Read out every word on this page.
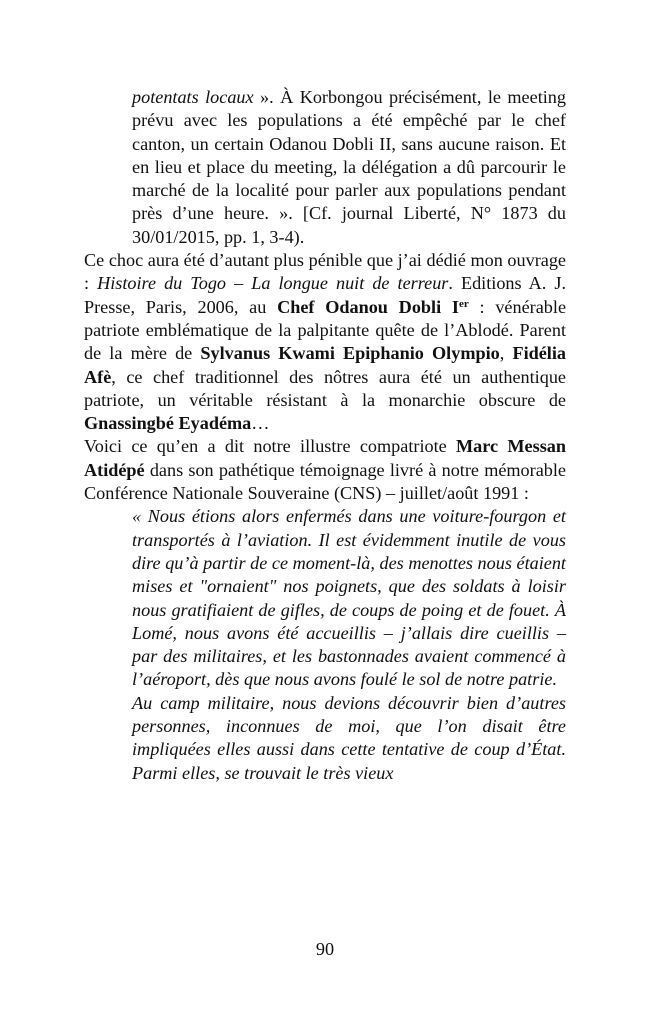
potentats locaux ». À Korbongou précisément, le meeting prévu avec les populations a été empêché par le chef canton, un certain Odanou Dobli II, sans aucune raison. Et en lieu et place du meeting, la délégation a dû parcourir le marché de la localité pour parler aux populations pendant près d’une heure. ». [Cf. journal Liberté, N° 1873 du 30/01/2015, pp. 1, 3-4).

Ce choc aura été d’autant plus pénible que j’ai dédié mon ouvrage : Histoire du Togo – La longue nuit de terreur. Editions A. J. Presse, Paris, 2006, au Chef Odanou Dobli Ier : vénérable patriote emblématique de la palpitante quête de l’Ablodé. Parent de la mère de Sylvanus Kwami Epiphanio Olympio, Fidélia Afè, ce chef traditionnel des nôtres aura été un authentique patriote, un véritable résistant à la monarchie obscure de Gnassingbé Eyadéma…

Voici ce qu’en a dit notre illustre compatriote Marc Messan Atidépé dans son pathétique témoignage livré à notre mémorable Conférence Nationale Souveraine (CNS) – juillet/août 1991 :

« Nous étions alors enfermés dans une voiture-fourgon et transportés à l’aviation. Il est évidemment inutile de vous dire qu’à partir de ce moment-là, des menottes nous étaient mises et "ornaient" nos poignets, que des soldats à loisir nous gratifiaient de gifles, de coups de poing et de fouet. À Lomé, nous avons été accueillis – j’allais dire cueillis – par des militaires, et les bastonnades avaient commencé à l’aéroport, dès que nous avons foulé le sol de notre patrie.

Au camp militaire, nous devions découvrir bien d’autres personnes, inconnues de moi, que l’on disait être impliquées elles aussi dans cette tentative de coup d’État. Parmi elles, se trouvait le très vieux

90
